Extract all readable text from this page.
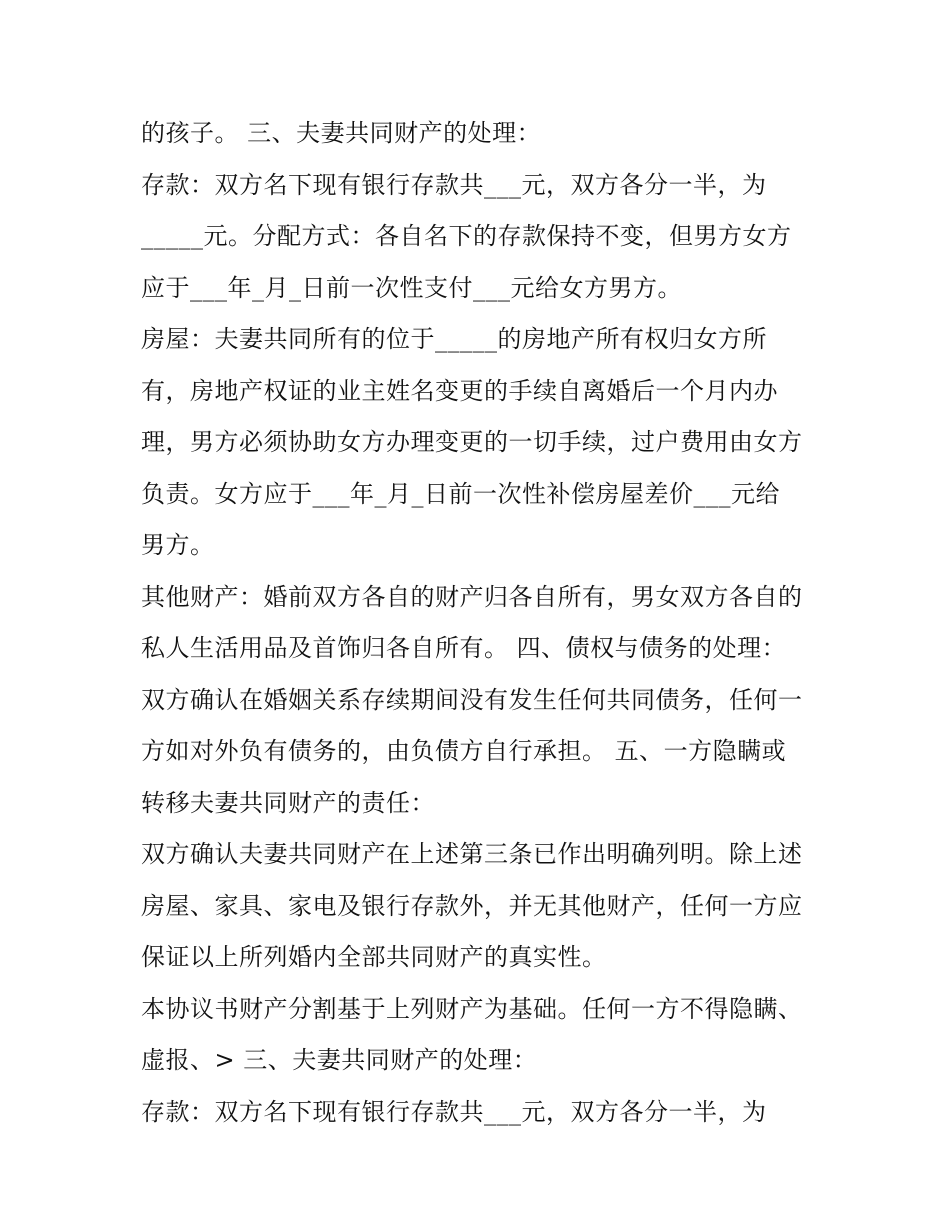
的孩子。 三、夫妻共同财产的处理：
存款：双方名下现有银行存款共___元，双方各分一半，为
_____元。分配方式：各自名下的存款保持不变，但男方女方
应于___年_月_日前一次性支付___元给女方男方。
房屋：夫妻共同所有的位于_____的房地产所有权归女方所
有，房地产权证的业主姓名变更的手续自离婚后一个月内办
理，男方必须协助女方办理变更的一切手续，过户费用由女方
负责。女方应于___年_月_日前一次性补偿房屋差价___元给
男方。
其他财产：婚前双方各自的财产归各自所有，男女双方各自的
私人生活用品及首饰归各自所有。 四、债权与债务的处理：
双方确认在婚姻关系存续期间没有发生任何共同债务，任何一
方如对外负有债务的，由负债方自行承担。 五、一方隐瞒或
转移夫妻共同财产的责任：
双方确认夫妻共同财产在上述第三条已作出明确列明。除上述
房屋、家具、家电及银行存款外，并无其他财产，任何一方应
保证以上所列婚内全部共同财产的真实性。
本协议书财产分割基于上列财产为基础。任何一方不得隐瞒、
虚报、> 三、夫妻共同财产的处理：
存款：双方名下现有银行存款共___元，双方各分一半，为
